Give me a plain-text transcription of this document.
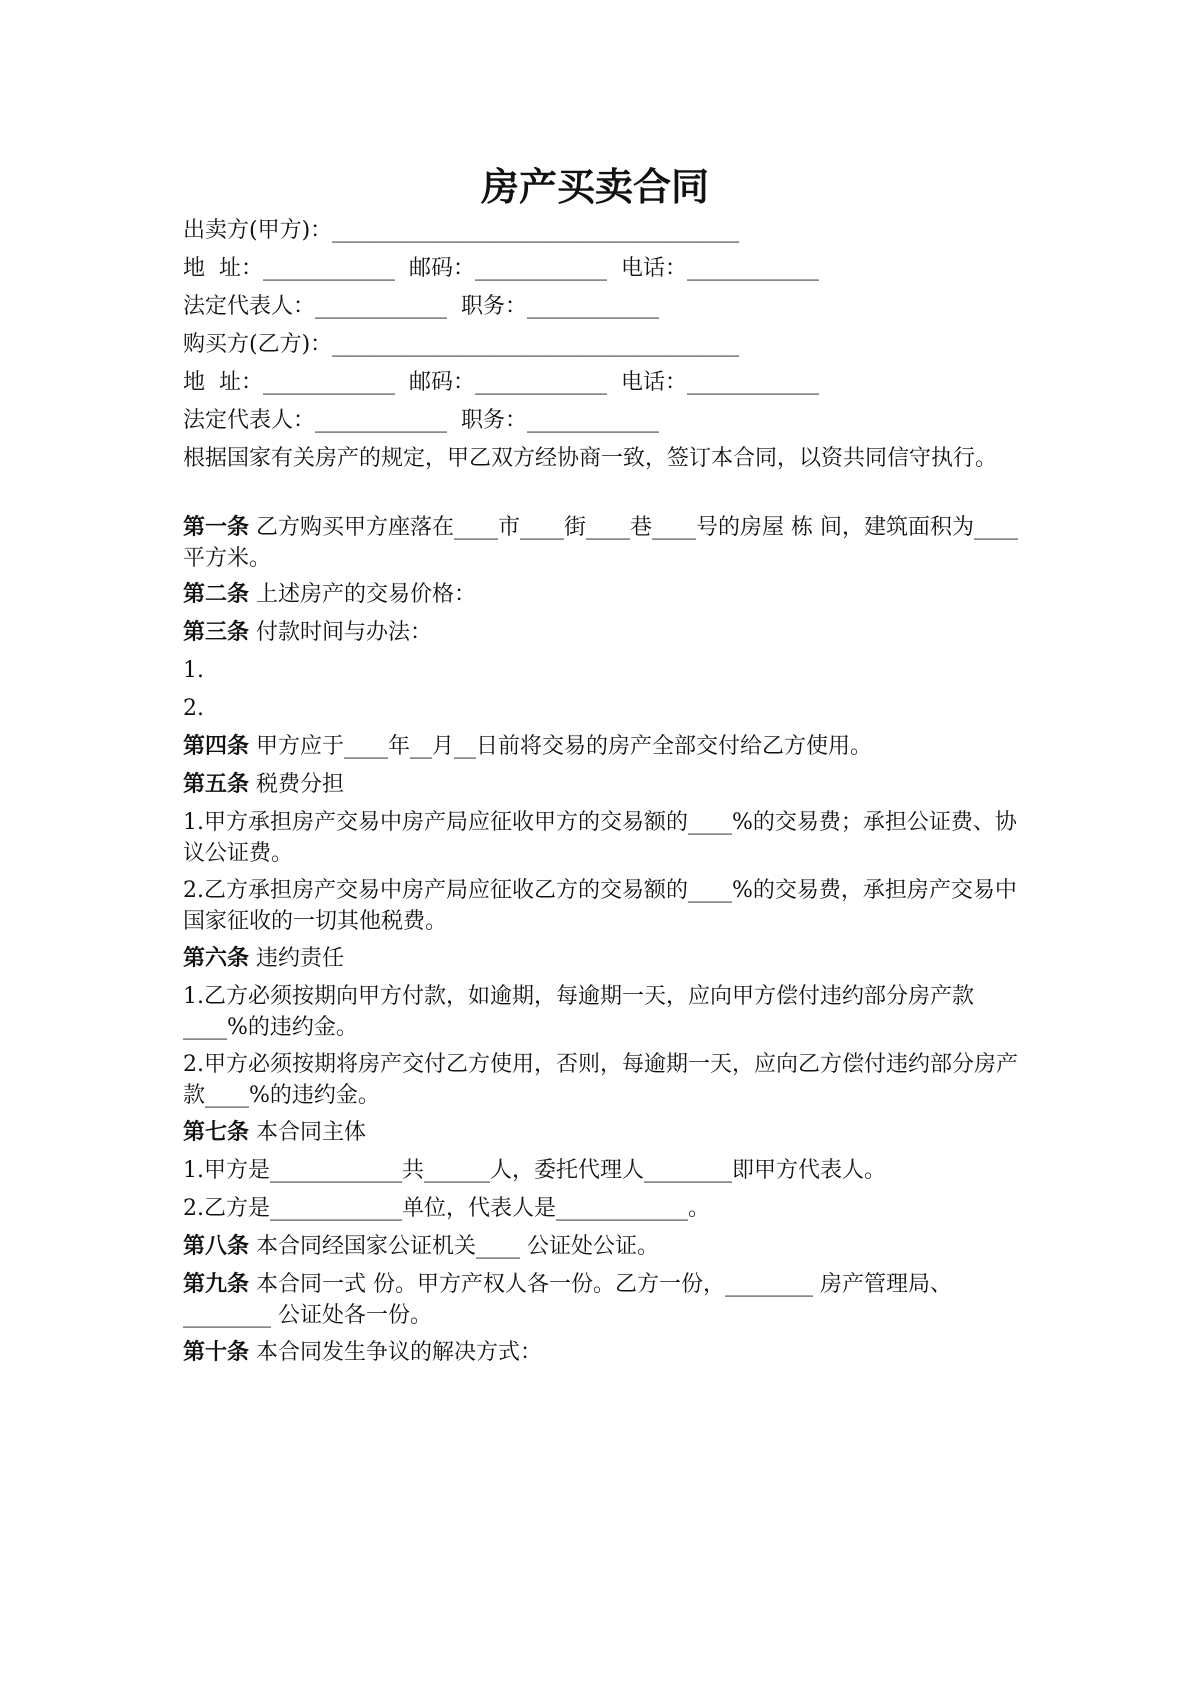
房产买卖合同
出卖方(甲方)：_____________________________________
地  址：____________  邮码：____________  电话：____________
法定代表人：____________  职务：____________
购买方(乙方)：_____________________________________
地  址：____________  邮码：____________  电话：____________
法定代表人：____________  职务：____________
根据国家有关房产的规定，甲乙双方经协商一致，签订本合同，以资共同信守执行。
第一条 乙方购买甲方座落在____市____街____巷____号的房屋 栋 间，建筑面积为____平方米。
第二条 上述房产的交易价格：
第三条 付款时间与办法：
1.
2.
第四条 甲方应于____年__月__日前将交易的房产全部交付给乙方使用。
第五条 税费分担
1.甲方承担房产交易中房产局应征收甲方的交易额的____%的交易费；承担公证费、协议公证费。
2.乙方承担房产交易中房产局应征收乙方的交易额的____%的交易费，承担房产交易中国家征收的一切其他税费。
第六条 违约责任
1.乙方必须按期向甲方付款，如逾期，每逾期一天，应向甲方偿付违约部分房产款____%的违约金。
2.甲方必须按期将房产交付乙方使用，否则，每逾期一天，应向乙方偿付违约部分房产款____%的违约金。
第七条 本合同主体
1.甲方是____________共______人，委托代理人________即甲方代表人。
2.乙方是____________单位，代表人是____________。
第八条 本合同经国家公证机关____ 公证处公证。
第九条 本合同一式 份。甲方产权人各一份。乙方一份，________ 房产管理局、________ 公证处各一份。
第十条 本合同发生争议的解决方式：
